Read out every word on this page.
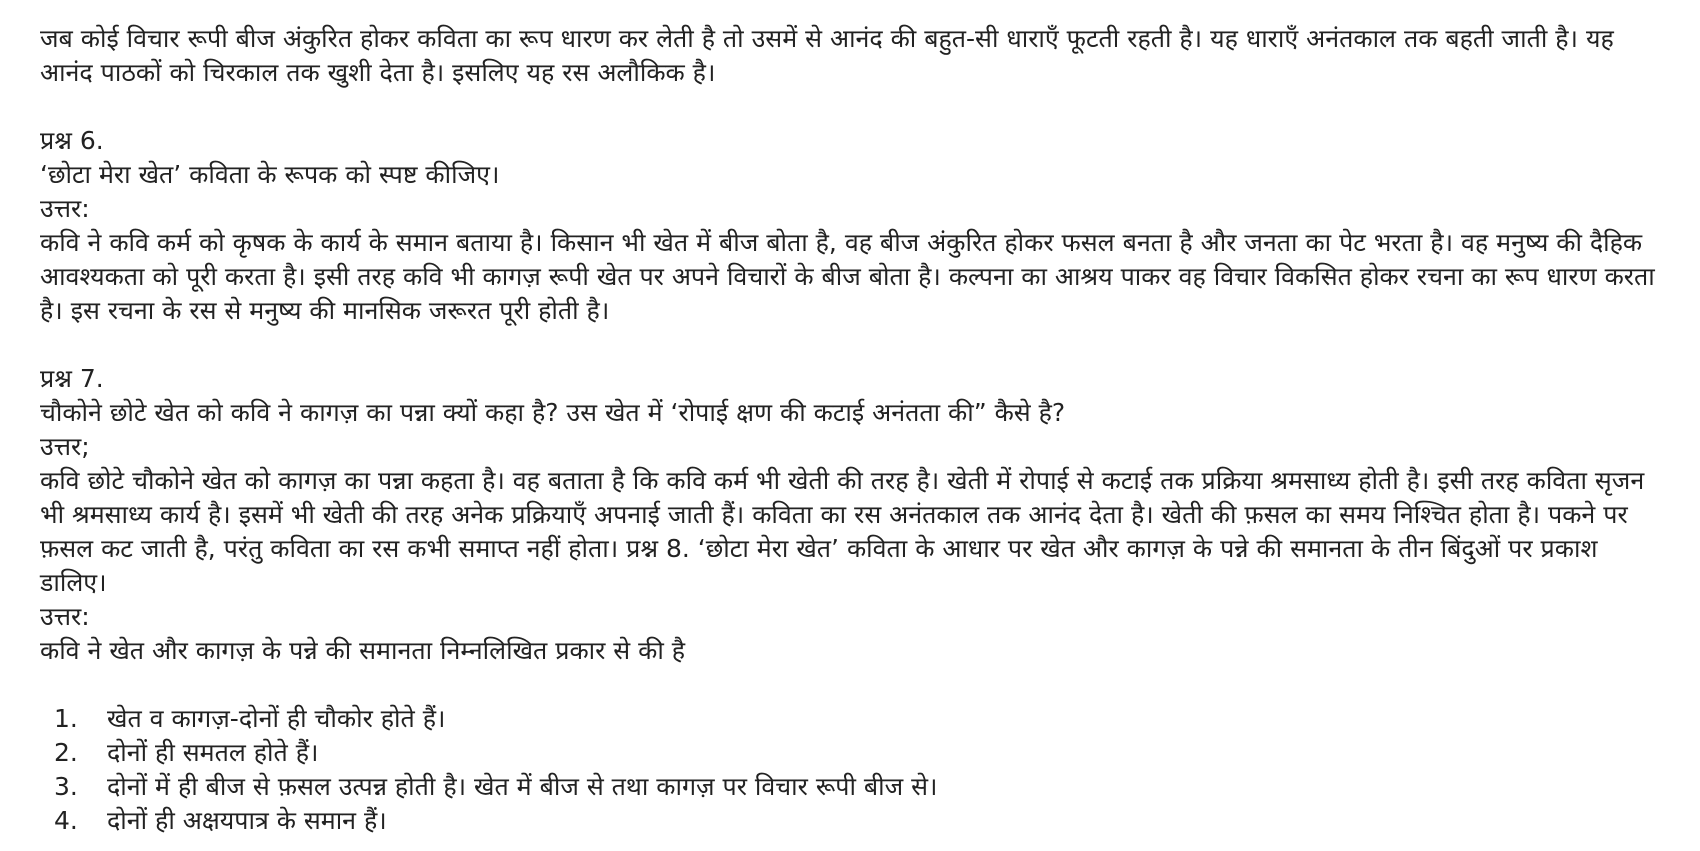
जब कोई विचार रूपी बीज अंकुरित होकर कविता का रूप धारण कर लेती है तो उसमें से आनंद की बहुत-सी धाराएँ फूटती रहती है। यह धाराएँ अनंतकाल तक बहती जाती है। यह आनंद पाठकों को चिरकाल तक खुशी देता है। इसलिए यह रस अलौकिक है।

प्रश्न 6.

‘छोटा मेरा खेत’ कविता के रूपक को स्पष्ट कीजिए।

उत्तर:

कवि ने कवि कर्म को कृषक के कार्य के समान बताया है। किसान भी खेत में बीज बोता है, वह बीज अंकुरित होकर फसल बनता है और जनता का पेट भरता है। वह मनुष्य की दैहिक आवश्यकता को पूरी करता है। इसी तरह कवि भी कागज़ रूपी खेत पर अपने विचारों के बीज बोता है। कल्पना का आश्रय पाकर वह विचार विकसित होकर रचना का रूप धारण करता है। इस रचना के रस से मनुष्य की मानसिक जरूरत पूरी होती है।

प्रश्न 7.

चौकोने छोटे खेत को कवि ने कागज़ का पन्ना क्यों कहा है? उस खेत में ‘रोपाई क्षण की कटाई अनंतता की” कैसे है?

उत्तर;

कवि छोटे चौकोने खेत को कागज़ का पन्ना कहता है। वह बताता है कि कवि कर्म भी खेती की तरह है। खेती में रोपाई से कटाई तक प्रक्रिया श्रमसाध्य होती है। इसी तरह कविता सृजन भी श्रमसाध्य कार्य है। इसमें भी खेती की तरह अनेक प्रक्रियाएँ अपनाई जाती हैं। कविता का रस अनंतकाल तक आनंद देता है। खेती की फ़सल का समय निश्चित होता है। पकने पर फ़सल कट जाती है, परंतु कविता का रस कभी समाप्त नहीं होता। प्रश्न 8. ‘छोटा मेरा खेत’ कविता के आधार पर खेत और कागज़ के पन्ने की समानता के तीन बिंदुओं पर प्रकाश डालिए।

उत्तर:

कवि ने खेत और कागज़ के पन्ने की समानता निम्नलिखित प्रकार से की है

1.	खेत व कागज़-दोनों ही चौकोर होते हैं।
2.	दोनों ही समतल होते हैं।
3.	दोनों में ही बीज से फ़सल उत्पन्न होती है। खेत में बीज से तथा कागज़ पर विचार रूपी बीज से।
4.	दोनों ही अक्षयपात्र के समान हैं।
